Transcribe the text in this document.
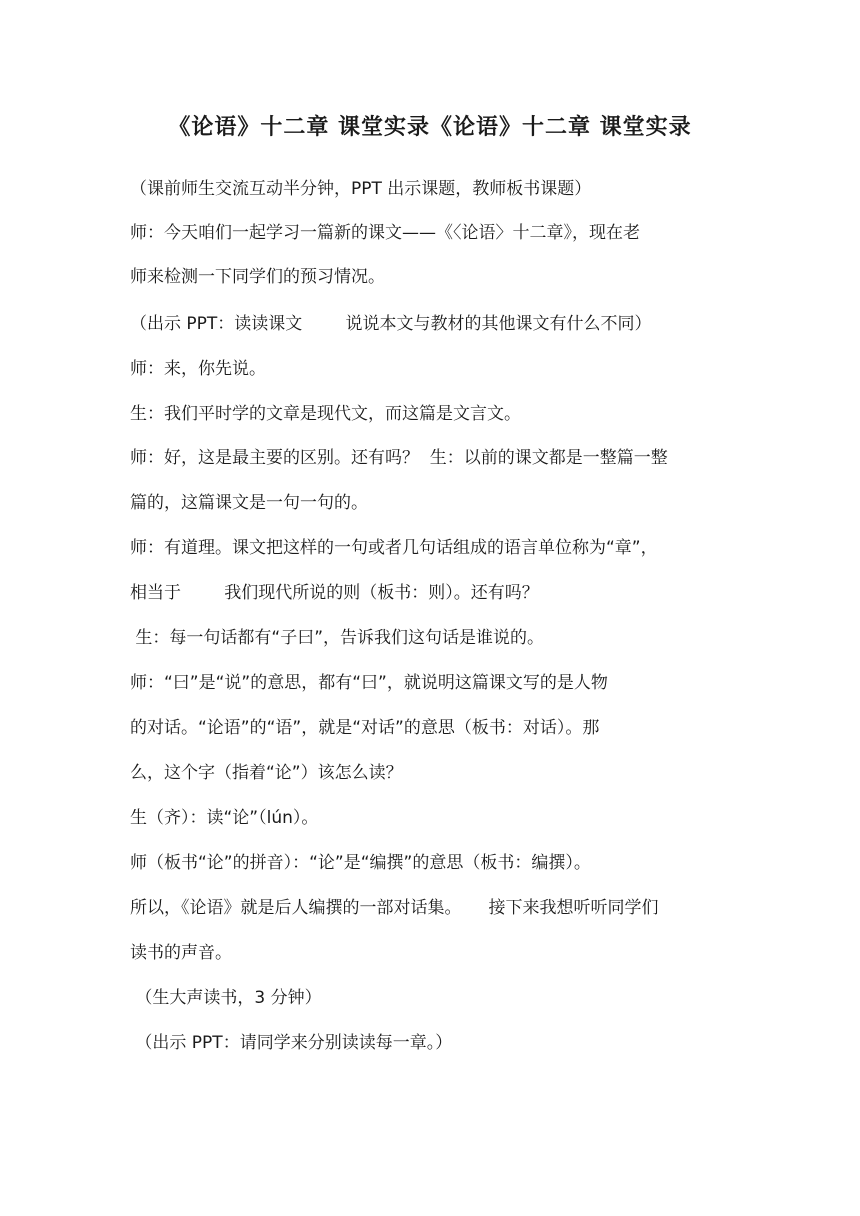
《论语》十二章 课堂实录《论语》十二章 课堂实录
（课前师生交流互动半分钟，PPT 出示课题，教师板书课题）
师：今天咱们一起学习一篇新的课文——《〈论语〉十二章》，现在老
师来检测一下同学们的预习情况。
（出示 PPT：读读课文        说说本文与教材的其他课文有什么不同）
师：来，你先说。
生：我们平时学的文章是现代文，而这篇是文言文。
师：好，这是最主要的区别。还有吗？  生：以前的课文都是一整篇一整
篇的，这篇课文是一句一句的。
师：有道理。课文把这样的一句或者几句话组成的语言单位称为“章”，
相当于        我们现代所说的则（板书：则）。还有吗？
生：每一句话都有“子曰”，告诉我们这句话是谁说的。
师：“曰”是“说”的意思，都有“曰”，就说明这篇课文写的是人物
的对话。“论语”的“语”，就是“对话”的意思（板书：对话）。那
么，这个字（指着“论”）该怎么读？
生（齐）：读“论”（lún）。
师（板书“论”的拼音）：“论”是“编撰”的意思（板书：编撰）。
所以，《论语》就是后人编撰的一部对话集。     接下来我想听听同学们
读书的声音。
（生大声读书，3 分钟）
（出示 PPT：请同学来分别读读每一章。）
